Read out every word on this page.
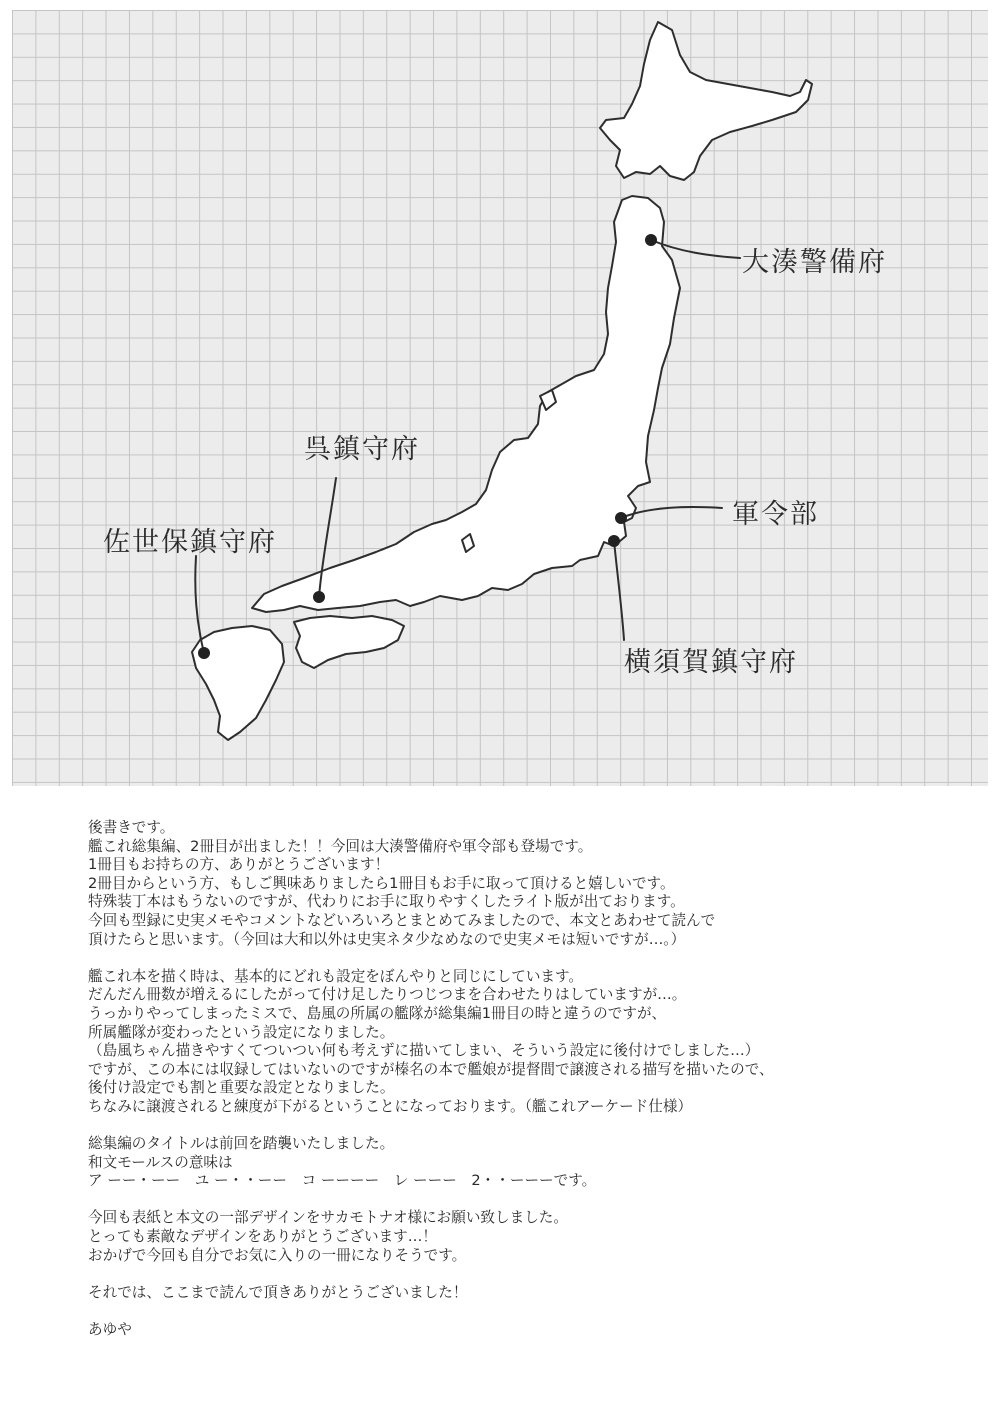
大湊警備府
呉鎮守府
佐世保鎮守府
軍令部
横須賀鎮守府

後書きです。

艦これ総集編、2冊目が出ました！！今回は大湊警備府や軍令部も登場です。

1冊目もお持ちの方、ありがとうございます！

2冊目からという方、もしご興味ありましたら1冊目もお手に取って頂けると嬉しいです。

特殊装丁本はもうないのですが、代わりにお手に取りやすくしたライト版が出ております。

今回も型録に史実メモやコメントなどいろいろとまとめてみましたので、本文とあわせて読んで

頂けたらと思います。（今回は大和以外は史実ネタ少なめなので史実メモは短いですが…。）

艦これ本を描く時は、基本的にどれも設定をぼんやりと同じにしています。

だんだん冊数が増えるにしたがって付け足したりつじつまを合わせたりはしていますが…。

うっかりやってしまったミスで、島風の所属の艦隊が総集編1冊目の時と違うのですが、

所属艦隊が変わったという設定になりました。

（島風ちゃん描きやすくてついつい何も考えずに描いてしまい、そういう設定に後付けでしました…）

ですが、この本には収録してはいないのですが榛名の本で艦娘が提督間で譲渡される描写を描いたので、

後付け設定でも割と重要な設定となりました。

ちなみに譲渡されると練度が下がるということになっております。（艦これアーケード仕様）

総集編のタイトルは前回を踏襲いたしました。

和文モールスの意味は

ア ーー・ーー　ユ ー・・ーー　コ ーーーー　レ ーーー　2・・ーーーです。

今回も表紙と本文の一部デザインをサカモトナオ様にお願い致しました。

とっても素敵なデザインをありがとうございます…！

おかげで今回も自分でお気に入りの一冊になりそうです。

それでは、ここまで読んで頂きありがとうございました！

あゆや
